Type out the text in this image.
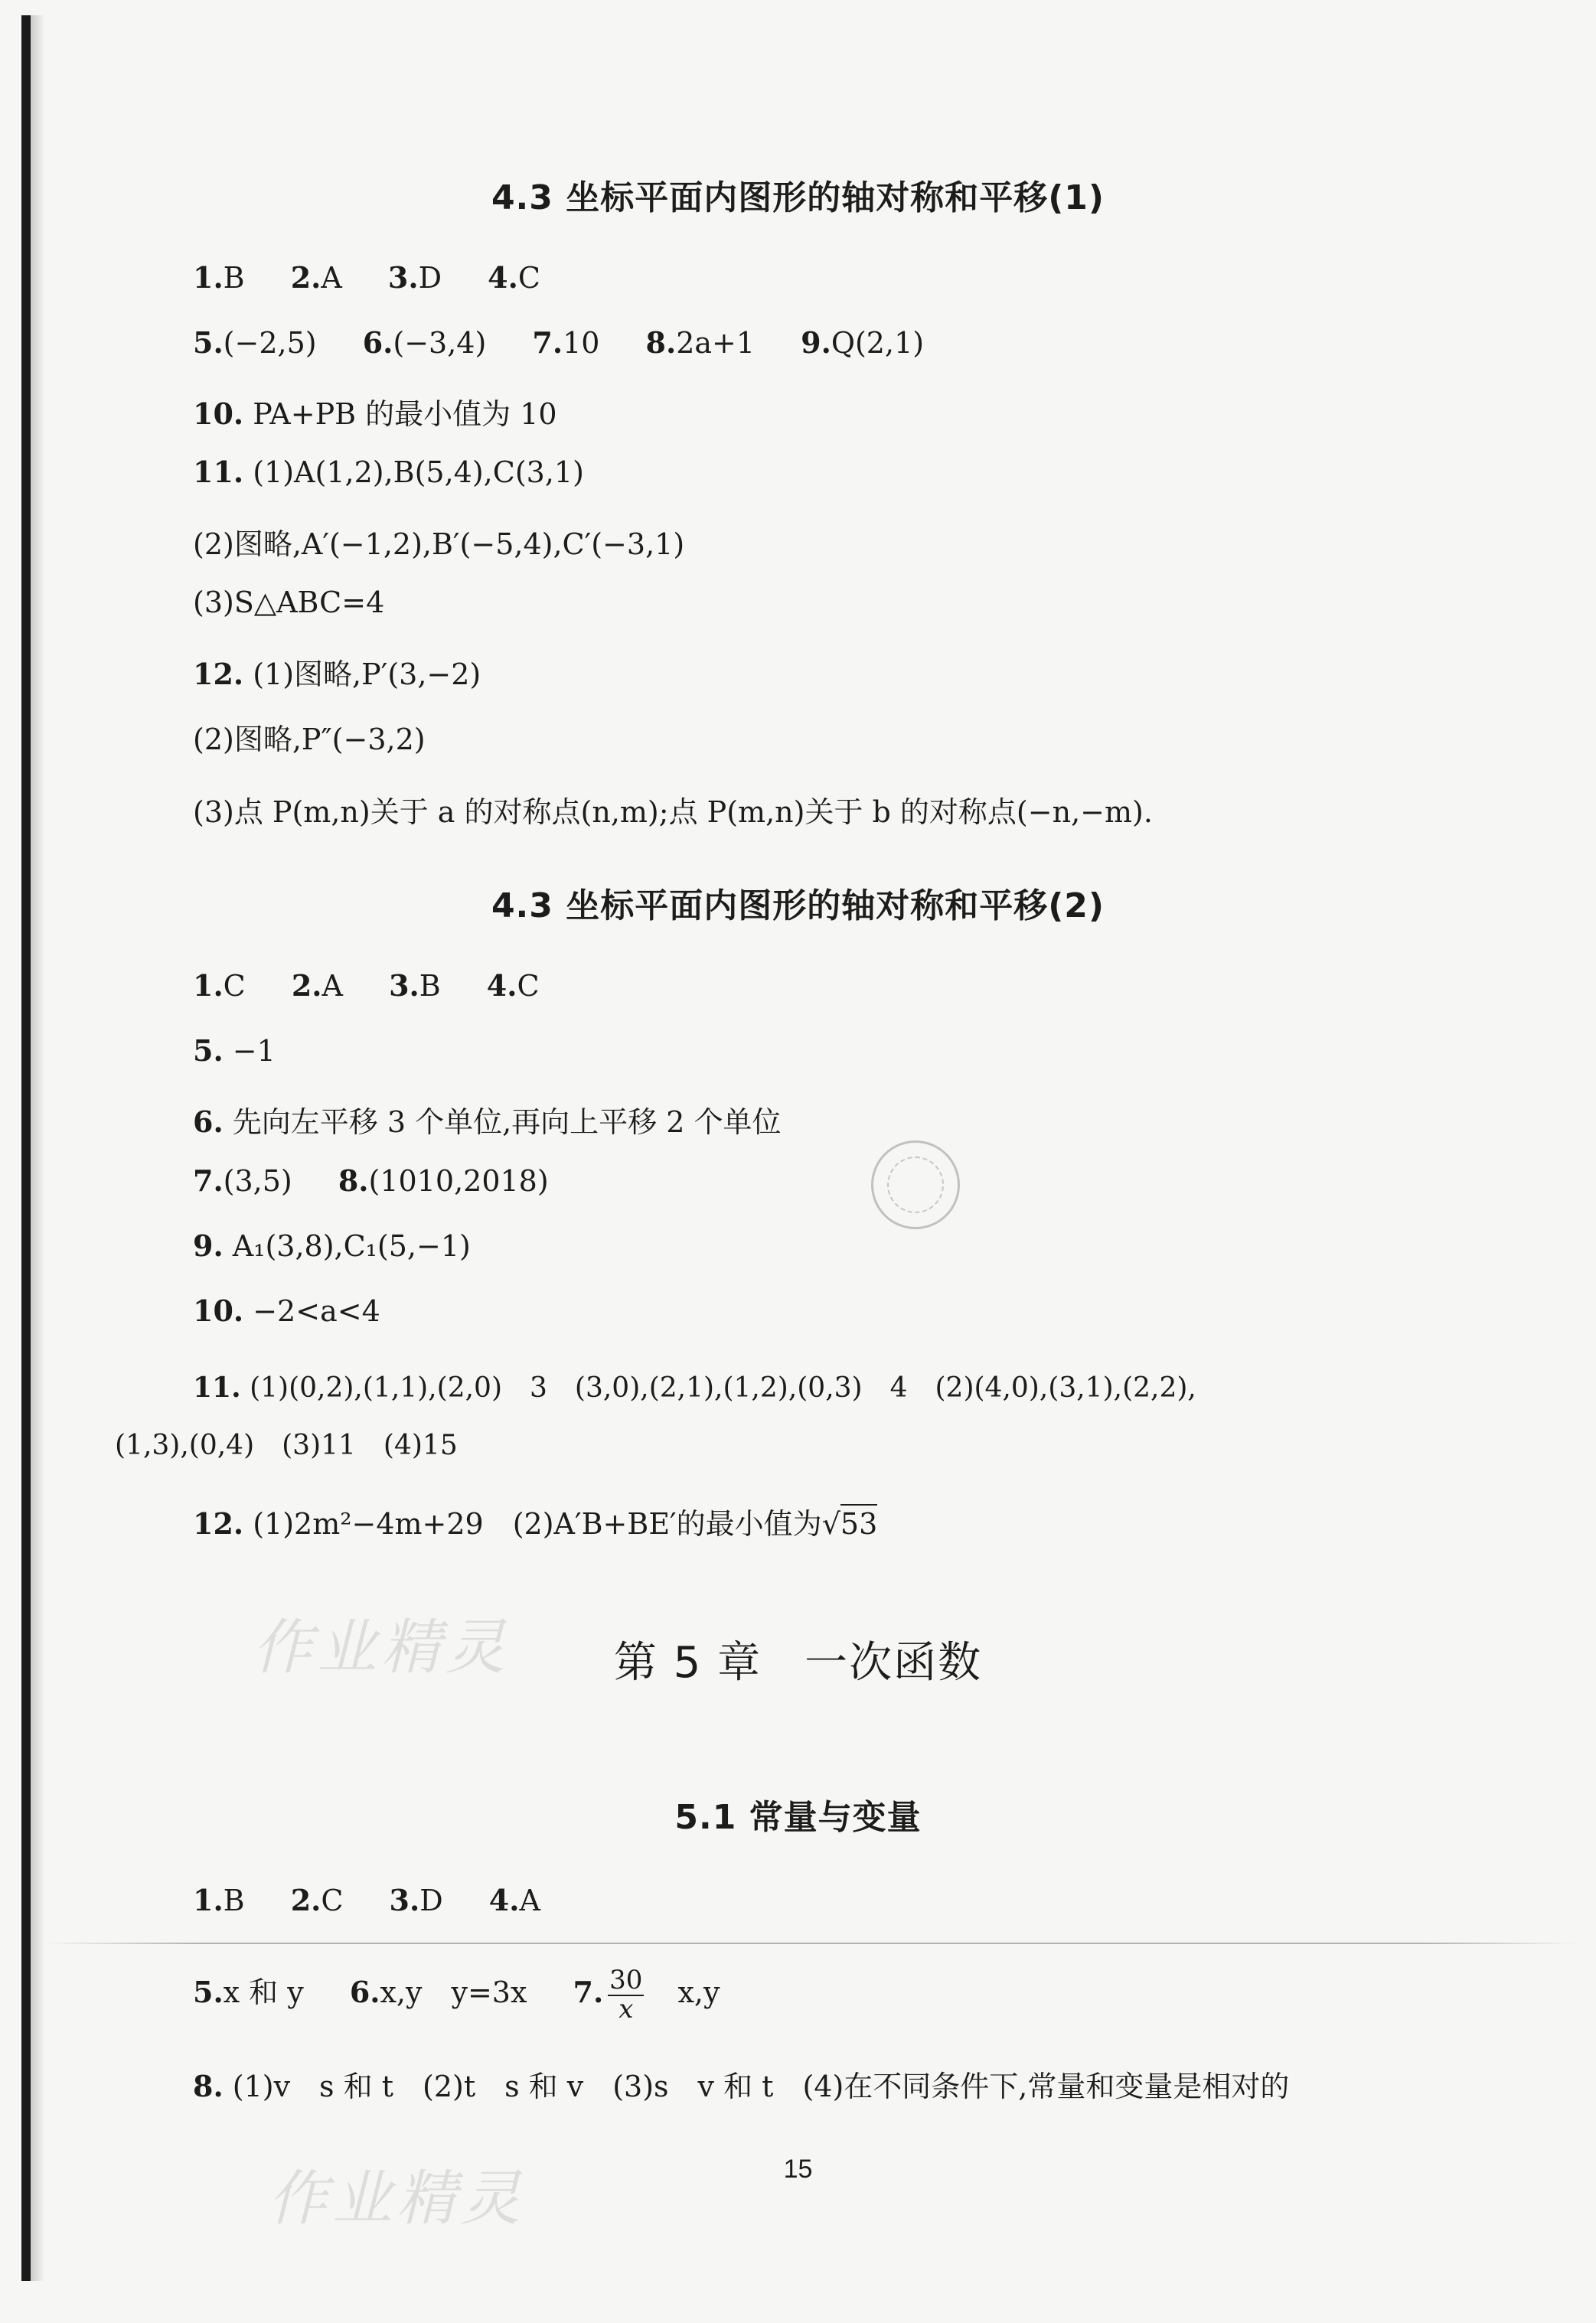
4.3 坐标平面内图形的轴对称和平移(1)
1.B 2.A 3.D 4.C
5.(−2,5) 6.(−3,4) 7.10 8.2a+1 9.Q(2,1)
10. PA+PB 的最小值为 10
11. (1)A(1,2),B(5,4),C(3,1)
(2)图略,A′(−1,2),B′(−5,4),C′(−3,1)
(3)S△ABC=4
12. (1)图略,P′(3,−2)
(2)图略,P″(−3,2)
(3)点 P(m,n)关于 a 的对称点(n,m);点 P(m,n)关于 b 的对称点(−n,−m).
4.3 坐标平面内图形的轴对称和平移(2)
1.C 2.A 3.B 4.C
5. −1
6. 先向左平移 3 个单位,再向上平移 2 个单位
7.(3,5) 8.(1010,2018)
9. A₁(3,8),C₁(5,−1)
10. −2<a<4
11. (1)(0,2),(1,1),(2,0)　3　(3,0),(2,1),(1,2),(0,3)　4　(2)(4,0),(3,1),(2,2),
(1,3),(0,4)　(3)11　(4)15
12. (1)2m²−4m+29　(2)A′B+BE′的最小值为√53
第 5 章 一次函数
5.1 常量与变量
1.B 2.C 3.D 4.A
5.x 和 y 6.x,y　y=3x 7. $\frac{30}{x}$
　 x,y
8. (1)v　s 和 t　(2)t　s 和 v　(3)s　v 和 t　(4)在不同条件下,常量和变量是相对的
作业精灵
作业精灵	15
